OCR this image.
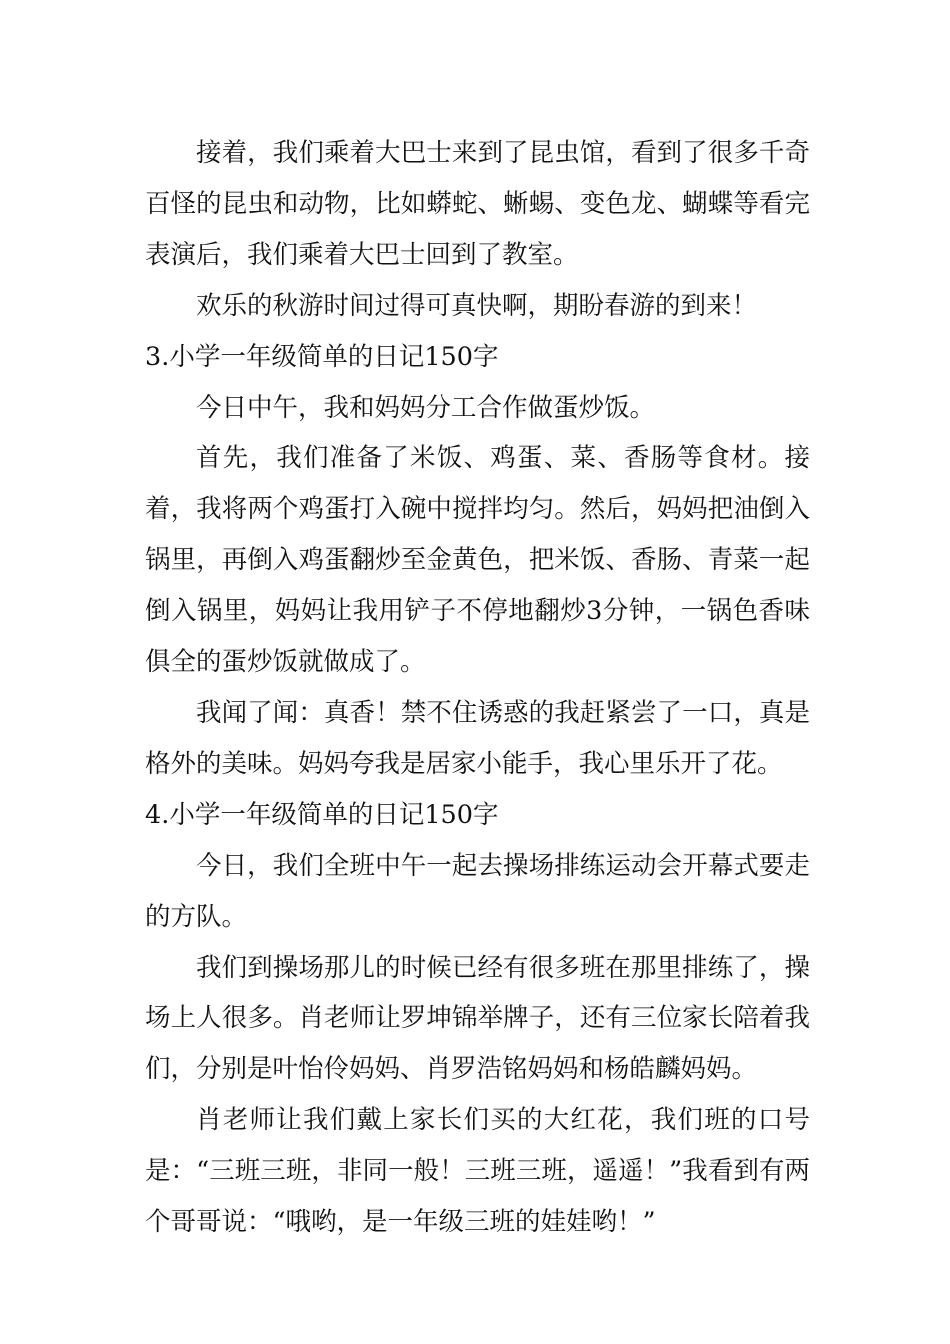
接着，我们乘着大巴士来到了昆虫馆，看到了很多千奇百怪的昆虫和动物，比如蟒蛇、蜥蜴、变色龙、蝴蝶等看完表演后，我们乘着大巴士回到了教室。

欢乐的秋游时间过得可真快啊，期盼春游的到来！

3.小学一年级简单的日记150字

今日中午，我和妈妈分工合作做蛋炒饭。

首先，我们准备了米饭、鸡蛋、菜、香肠等食材。接着，我将两个鸡蛋打入碗中搅拌均匀。然后，妈妈把油倒入锅里，再倒入鸡蛋翻炒至金黄色，把米饭、香肠、青菜一起倒入锅里，妈妈让我用铲子不停地翻炒3分钟，一锅色香味俱全的蛋炒饭就做成了。

我闻了闻：真香！禁不住诱惑的我赶紧尝了一口，真是格外的美味。妈妈夸我是居家小能手，我心里乐开了花。

4.小学一年级简单的日记150字

今日，我们全班中午一起去操场排练运动会开幕式要走的方队。

我们到操场那儿的时候已经有很多班在那里排练了，操场上人很多。肖老师让罗坤锦举牌子，还有三位家长陪着我们，分别是叶怡伶妈妈、肖罗浩铭妈妈和杨皓麟妈妈。

肖老师让我们戴上家长们买的大红花，我们班的口号是：“三班三班，非同一般！三班三班，遥遥！”我看到有两个哥哥说：“哦哟，是一年级三班的娃娃哟！”
